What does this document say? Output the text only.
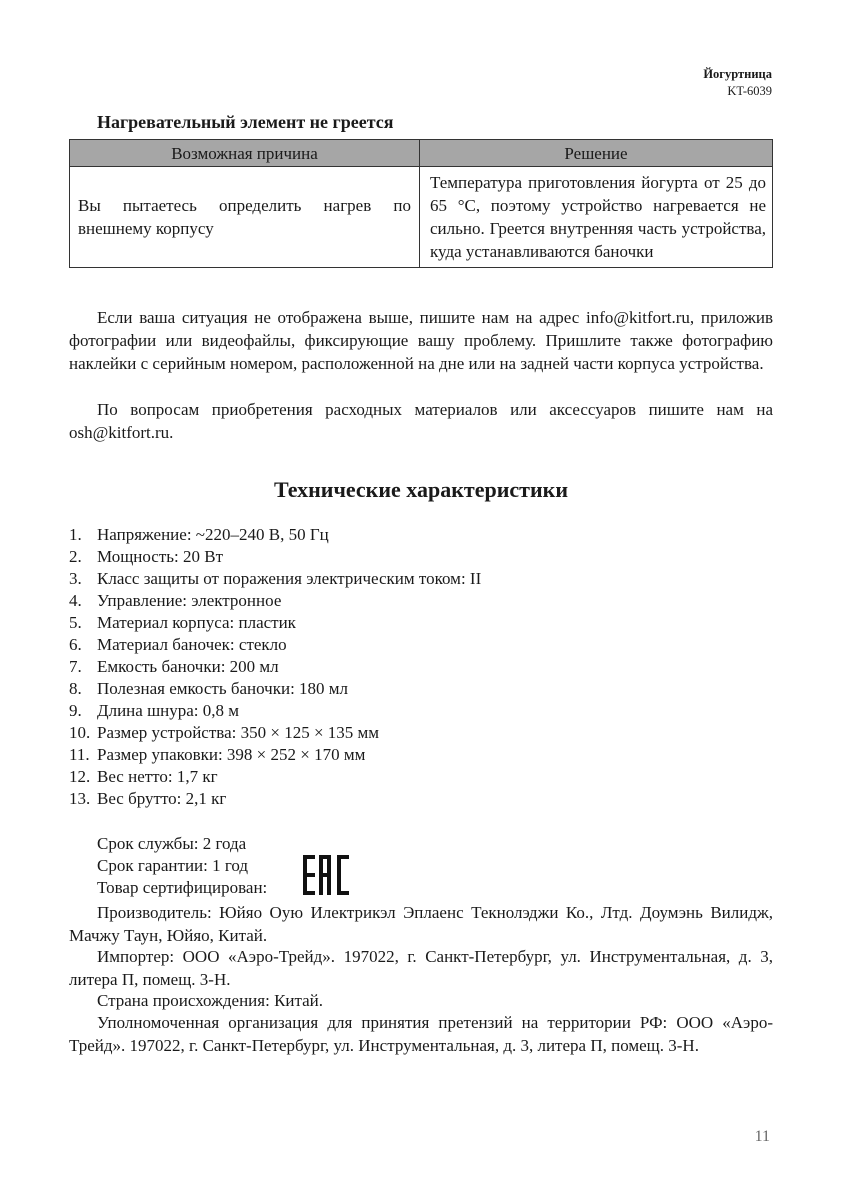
Йогуртница
KT-6039
Нагревательный элемент не греется
Возможная причина	Решение
Вы пытаетесь определить нагрев по внешнему корпусу	Температура приготовления йогурта от 25 до 65 °С, поэтому устройство нагревается не сильно. Греется внутренняя часть устройства, куда устанавливаются баночки

Если ваша ситуация не отображена выше, пишите нам на адрес info@kitfort.ru, приложив фотографии или видеофайлы, фиксирующие вашу проблему. Пришлите также фотографию наклейки с серийным номером, расположенной на дне или на задней части корпуса устройства.

По вопросам приобретения расходных материалов или аксессуаров пишите нам на osh@kitfort.ru.

Технические характеристики
1. Напряжение: ~220–240 В, 50 Гц
2. Мощность: 20 Вт
3. Класс защиты от поражения электрическим током: II
4. Управление: электронное
5. Материал корпуса: пластик
6. Материал баночек: стекло
7. Емкость баночки: 200 мл
8. Полезная емкость баночки: 180 мл
9. Длина шнура: 0,8 м
10. Размер устройства: 350 × 125 × 135 мм
11. Размер упаковки: 398 × 252 × 170 мм
12. Вес нетто: 1,7 кг
13. Вес брутто: 2,1 кг
Срок службы: 2 года
Срок гарантии: 1 год
Товар сертифицирован:

Производитель: Юйяо Оую Илектрикэл Эплаенс Текнолэджи Ко., Лтд. Доумэнь Вилидж, Мачжу Таун, Юйяо, Китай.

Импортер: ООО «Аэро-Трейд». 197022, г. Санкт-Петербург, ул. Инструментальная, д. 3, литера П, помещ. 3-Н.

Страна происхождения: Китай.

Уполномоченная организация для принятия претензий на территории РФ: ООО «Аэро-Трейд». 197022, г. Санкт-Петербург, ул. Инструментальная, д. 3, литера П, помещ. 3-Н.

11
